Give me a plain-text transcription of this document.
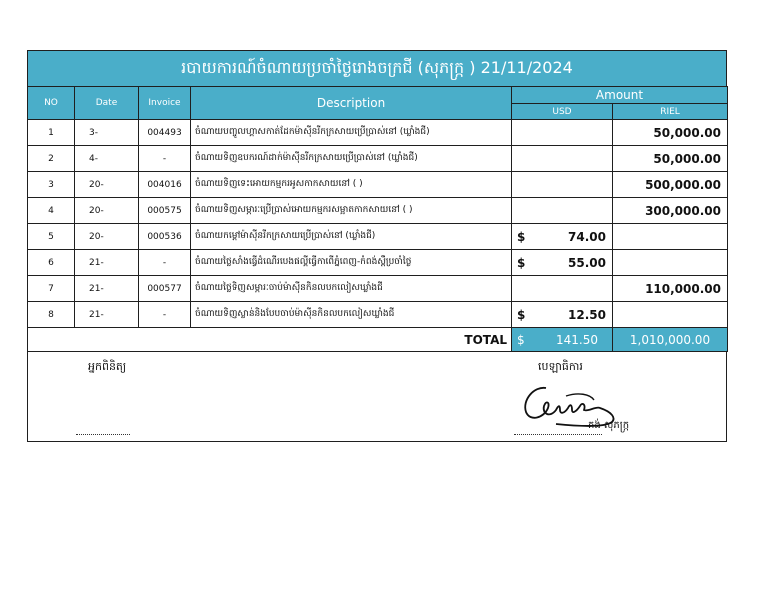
របាយការណ៍ចំណាយប្រចាំថ្ងៃរោងចក្រជី (សុភក្រ្ក ) 21/11/2024
NO	Date	Invoice	Description	Amount	
				USD	RIEL
1	3-	004493	ចំណាយបញ្ចូលហ្គាសកាត់ដែកម៉ាស៊ីនរីកក្រសាយប្រើប្រាស់នៅ (ឃ្លាំងជី)		50,000.00
2	4-	-	ចំណាយទិញឧបករណ៍ដាក់ម៉ាស៊ីនរីកក្រសាយប្រើប្រាស់នៅ (ឃ្លាំងជី)		50,000.00
3	20-	004016	ចំណាយទិញទេះអោយកម្មករអូសកាកសាយនៅ ( )		500,000.00
4	20-	000575	ចំណាយទិញសម្ភារៈប្រើប្រាស់អោយកម្មករសម្អាតកាកសាយនៅ ( )		300,000.00
5	20-	000536	ចំណាយកម្ដៅម៉ាស៊ីនរីកក្រសាយប្រើប្រាស់នៅ (ឃ្លាំងជី)	$ 74.00	

6	21-	-	ចំណាយថ្លៃសាំងធ្វើដំណើរបេងផល្គីធ្វើកាពើភ្នំពេញ-កំពង់ស្ពឺប្រចាំថ្ងៃ	$ 55.00	

7	21-	000577	ចំណាយថ្លៃទិញសម្ភារៈចាប់ម៉ាស៊ីនកិនលបកលៀសឃ្លាំងជី		110,000.00
8	21-	-	ចំណាយទិញស្លាន់និងបែបចាប់ម៉ាស៊ីនកិនលបកលៀសឃ្លាំងជី	$ 12.50	

TOTAL				$ 141.50	1,010,000.00
អ្នកពិនិត្យ	បេឡាធិការ
គង់ សុភក្រ្ក
